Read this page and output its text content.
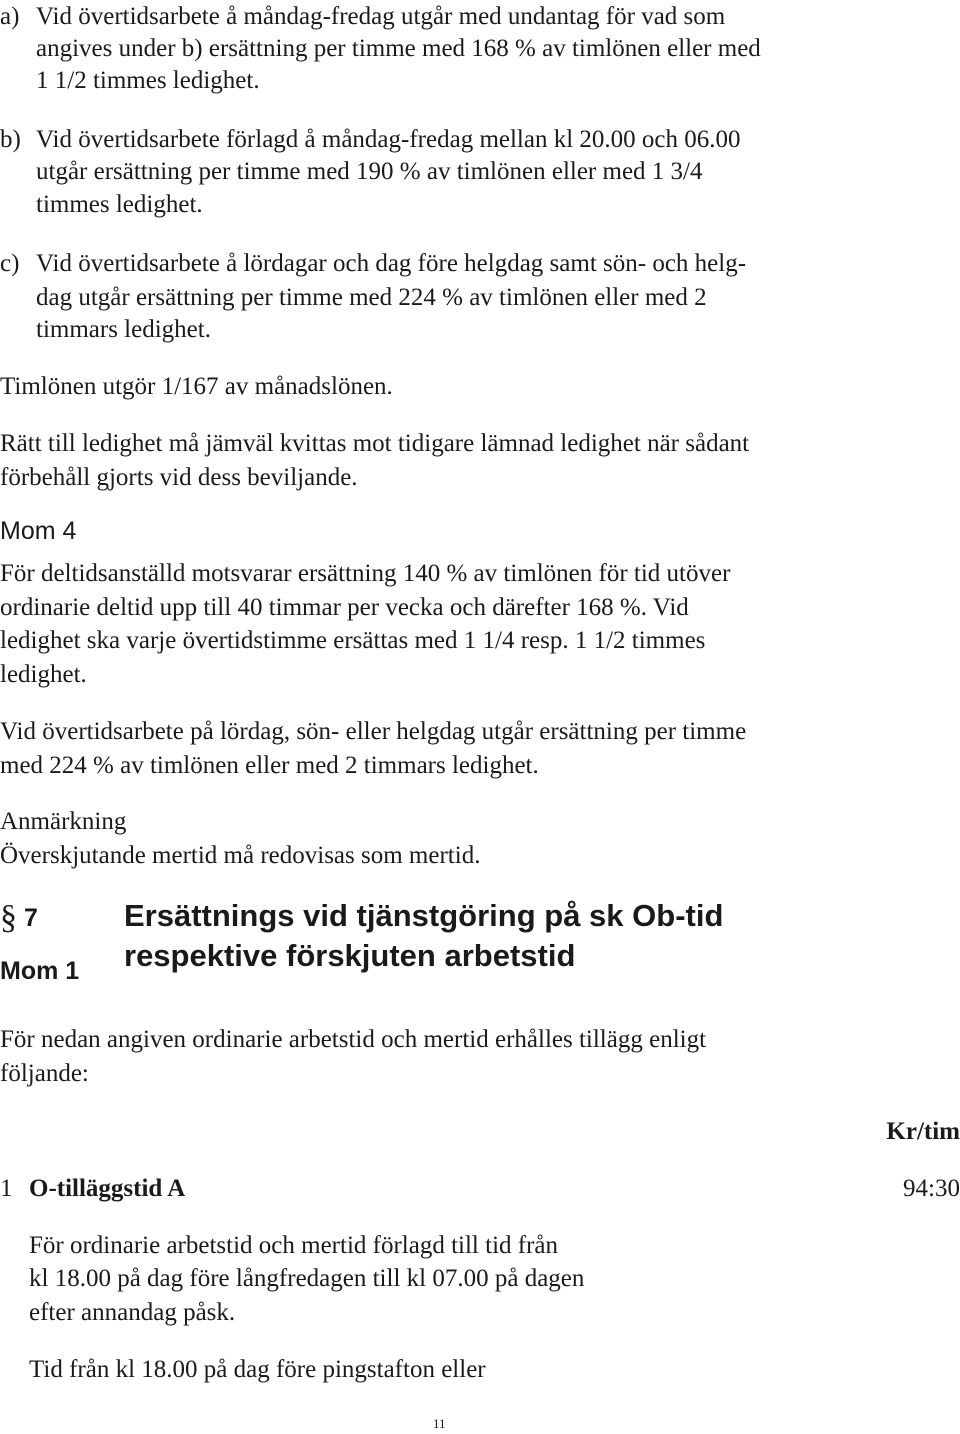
a) Vid övertidsarbete å måndag-fredag utgår med undantag för vad som

angives under b) ersättning per timme med 168 % av timlönen eller med

1 1/2 timmes ledighet.

b) Vid övertidsarbete förlagd å måndag-fredag mellan kl 20.00 och 06.00

utgår ersättning per timme med 190 % av timlönen eller med 1 3/4

timmes ledighet.

c) Vid övertidsarbete å lördagar och dag före helgdag samt sön- och helg-

dag utgår ersättning per timme med 224 % av timlönen eller med 2

timmars ledighet.

Timlönen utgör 1/167 av månadslönen.

Rätt till ledighet må jämväl kvittas mot tidigare lämnad ledighet när sådant

förbehåll gjorts vid dess beviljande.

Mom 4

För deltidsanställd motsvarar ersättning 140 % av timlönen för tid utöver

ordinarie deltid upp till 40 timmar per vecka och därefter 168 %. Vid

ledighet ska varje övertidstimme ersättas med 1 1/4 resp. 1 1/2 timmes

ledighet.

Vid övertidsarbete på lördag, sön- eller helgdag utgår ersättning per timme

med 224 % av timlönen eller med 2 timmars ledighet.

Anmärkning

Överskjutande mertid må redovisas som mertid.

§ 7	Ersättnings vid tjänstgöring på sk Ob-tid
respektive förskjuten arbetstid

Mom 1

För nedan angiven ordinarie arbetstid och mertid erhålles tillägg enligt

följande:

Kr/tim

1 O-tilläggstid A	94:30

För ordinarie arbetstid och mertid förlagd till tid från

kl 18.00 på dag före långfredagen till kl 07.00 på dagen

efter annandag påsk.

Tid från kl 18.00 på dag före pingstafton eller

11
